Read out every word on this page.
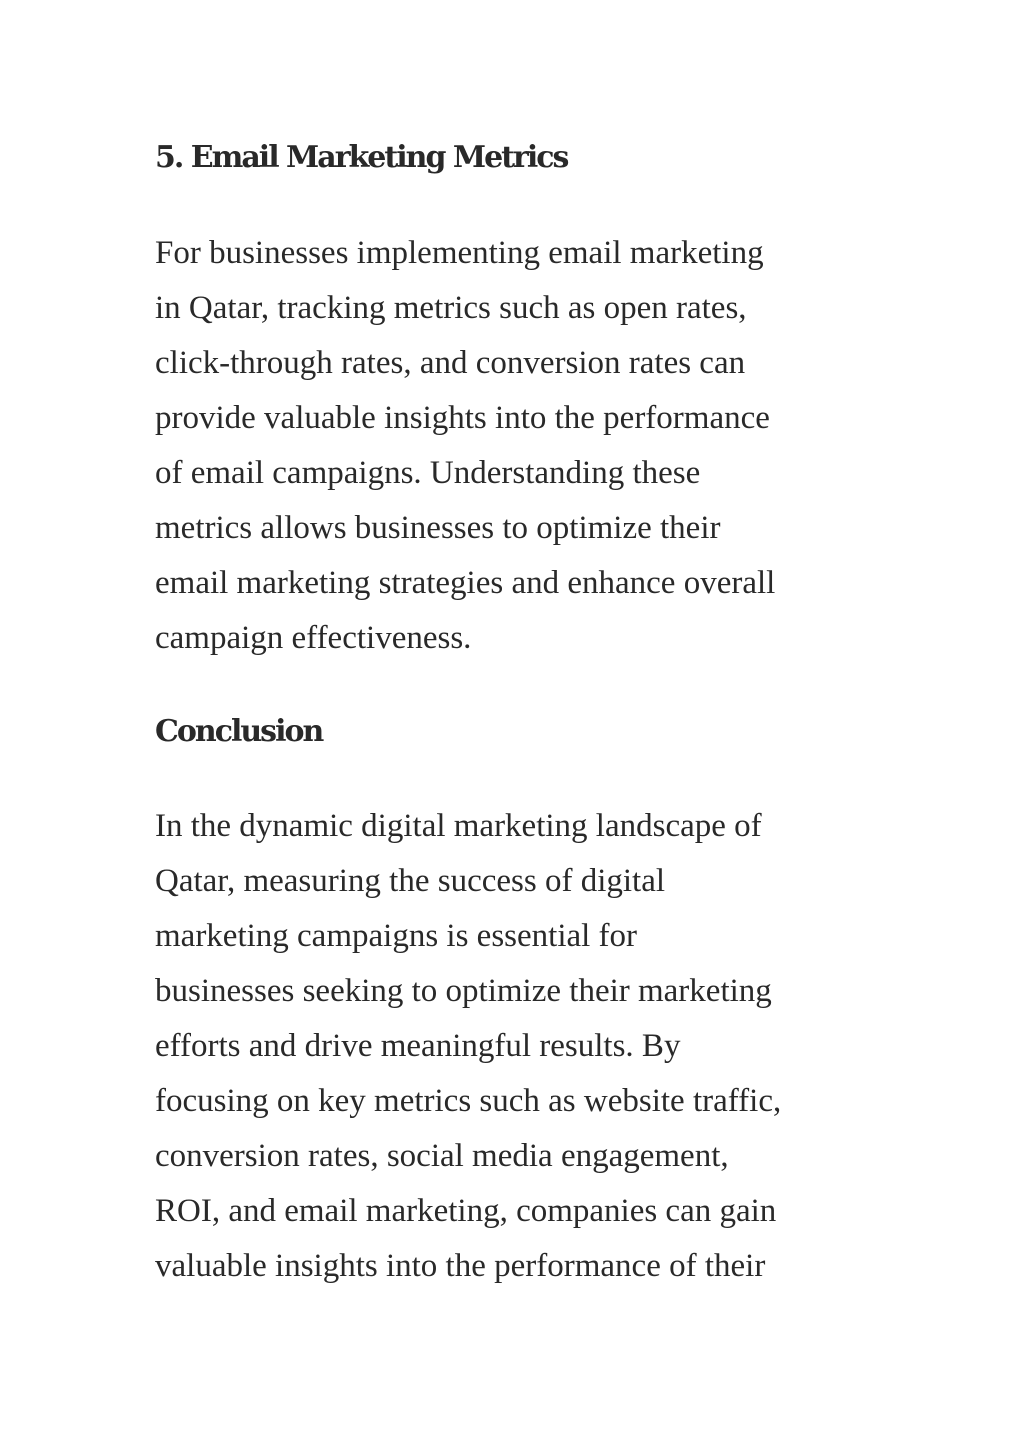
5. Email Marketing Metrics

For businesses implementing email marketing
in Qatar, tracking metrics such as open rates,
click-through rates, and conversion rates can
provide valuable insights into the performance
of email campaigns. Understanding these
metrics allows businesses to optimize their
email marketing strategies and enhance overall
campaign effectiveness.

Conclusion

In the dynamic digital marketing landscape of
Qatar, measuring the success of digital
marketing campaigns is essential for
businesses seeking to optimize their marketing
efforts and drive meaningful results. By
focusing on key metrics such as website traffic,
conversion rates, social media engagement,
ROI, and email marketing, companies can gain
valuable insights into the performance of their
